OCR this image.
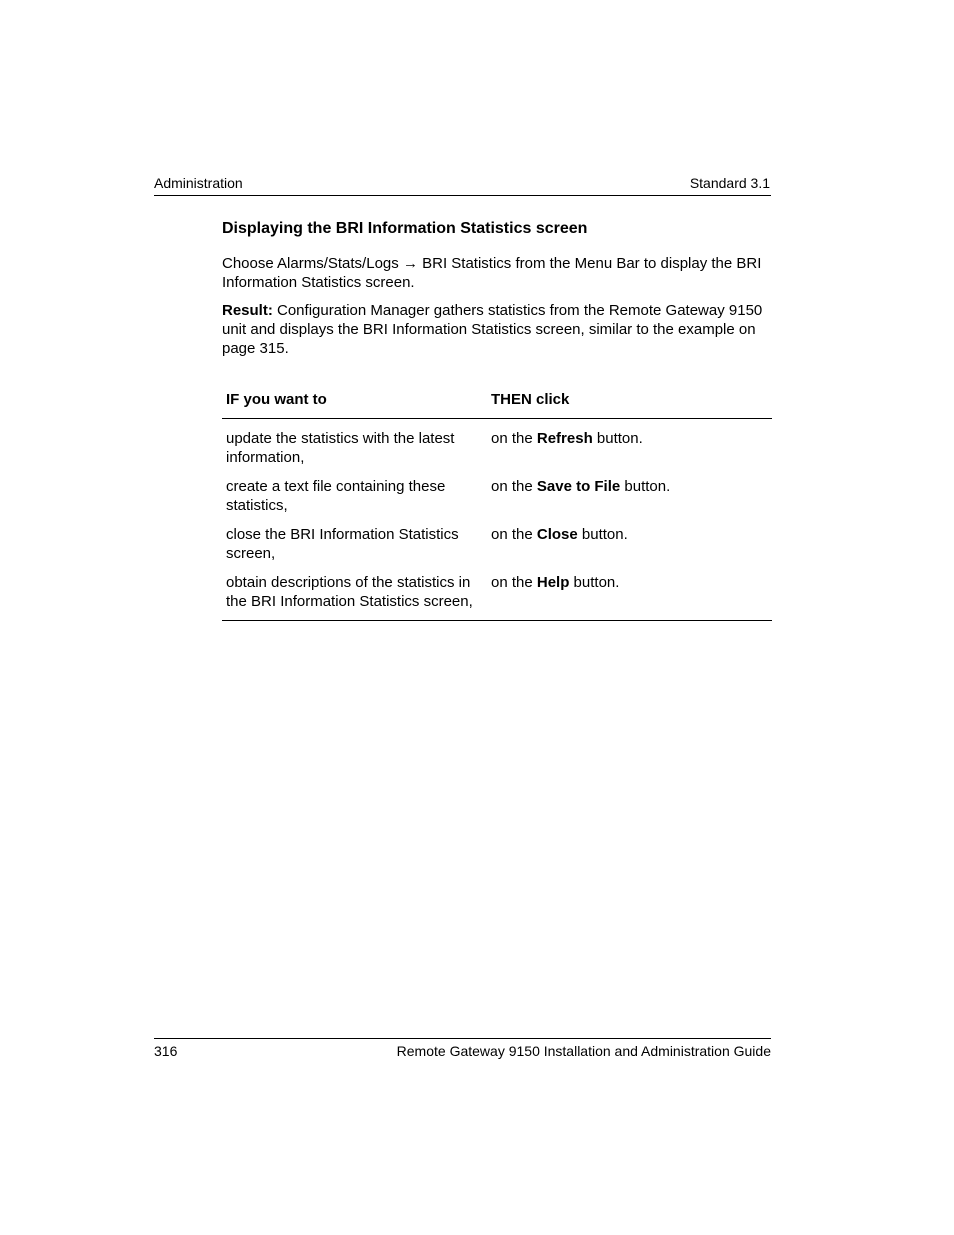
Administration	Standard 3.1
Displaying the BRI Information Statistics screen

Choose Alarms/Stats/Logs → BRI Statistics from the Menu Bar to display the BRI Information Statistics screen.

Result: Configuration Manager gathers statistics from the Remote Gateway 9150 unit and displays the BRI Information Statistics screen, similar to the example on page 315.

IF you want to	THEN click
update the statistics with the latest information,	on the Refresh button.
create a text file containing these statistics,	on the Save to File button.
close the BRI Information Statistics screen,	on the Close button.
obtain descriptions of the statistics in the BRI Information Statistics screen,	on the Help button.
316	Remote Gateway 9150 Installation and Administration Guide
